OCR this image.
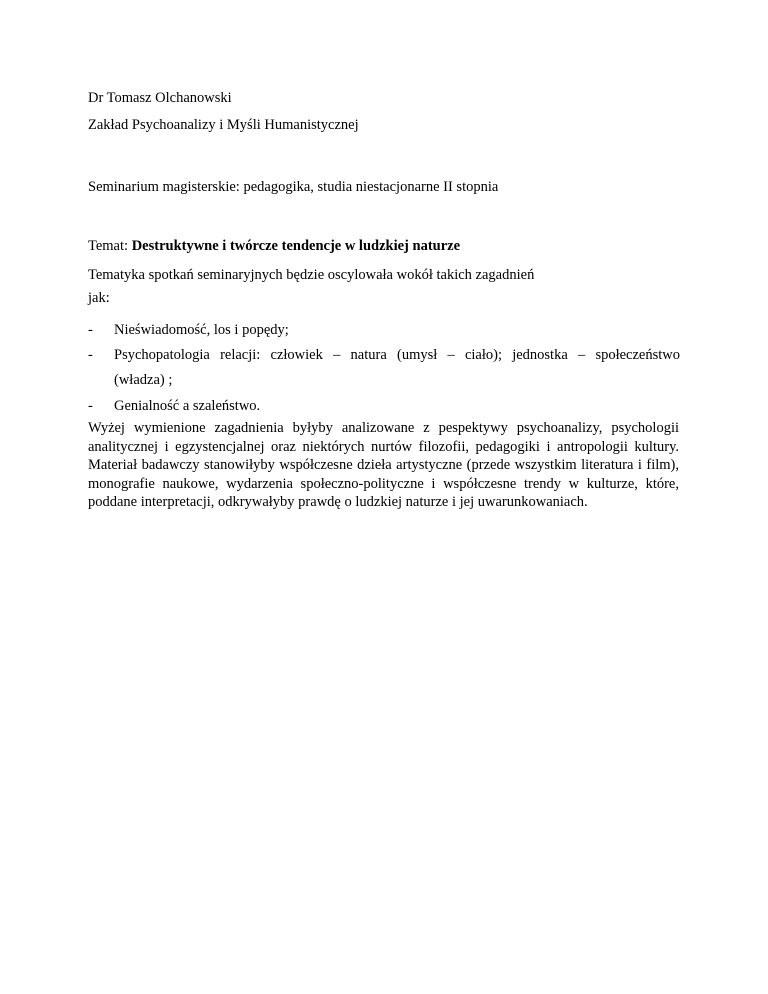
Dr Tomasz Olchanowski
Zakład Psychoanalizy i Myśli Humanistycznej
Seminarium magisterskie: pedagogika, studia niestacjonarne II stopnia
Temat: Destruktywne i twórcze tendencje w ludzkiej naturze
Tematyka spotkań seminaryjnych będzie oscylowała wokół takich zagadnień
jak:
- Nieświadomość, los i popędy;
- Psychopatologia relacji: człowiek – natura (umysł – ciało); jednostka – społeczeństwo
(władza) ;
- Genialność a szaleństwo.
Wyżej wymienione zagadnienia byłyby analizowane z pespektywy psychoanalizy, psychologii analitycznej i egzystencjalnej oraz niektórych nurtów filozofii, pedagogiki i antropologii kultury. Materiał badawczy stanowiłyby współczesne dzieła artystyczne (przede wszystkim literatura i film), monografie naukowe, wydarzenia społeczno-polityczne i współczesne trendy w kulturze, które, poddane interpretacji, odkrywałyby prawdę o ludzkiej naturze i jej uwarunkowaniach.
